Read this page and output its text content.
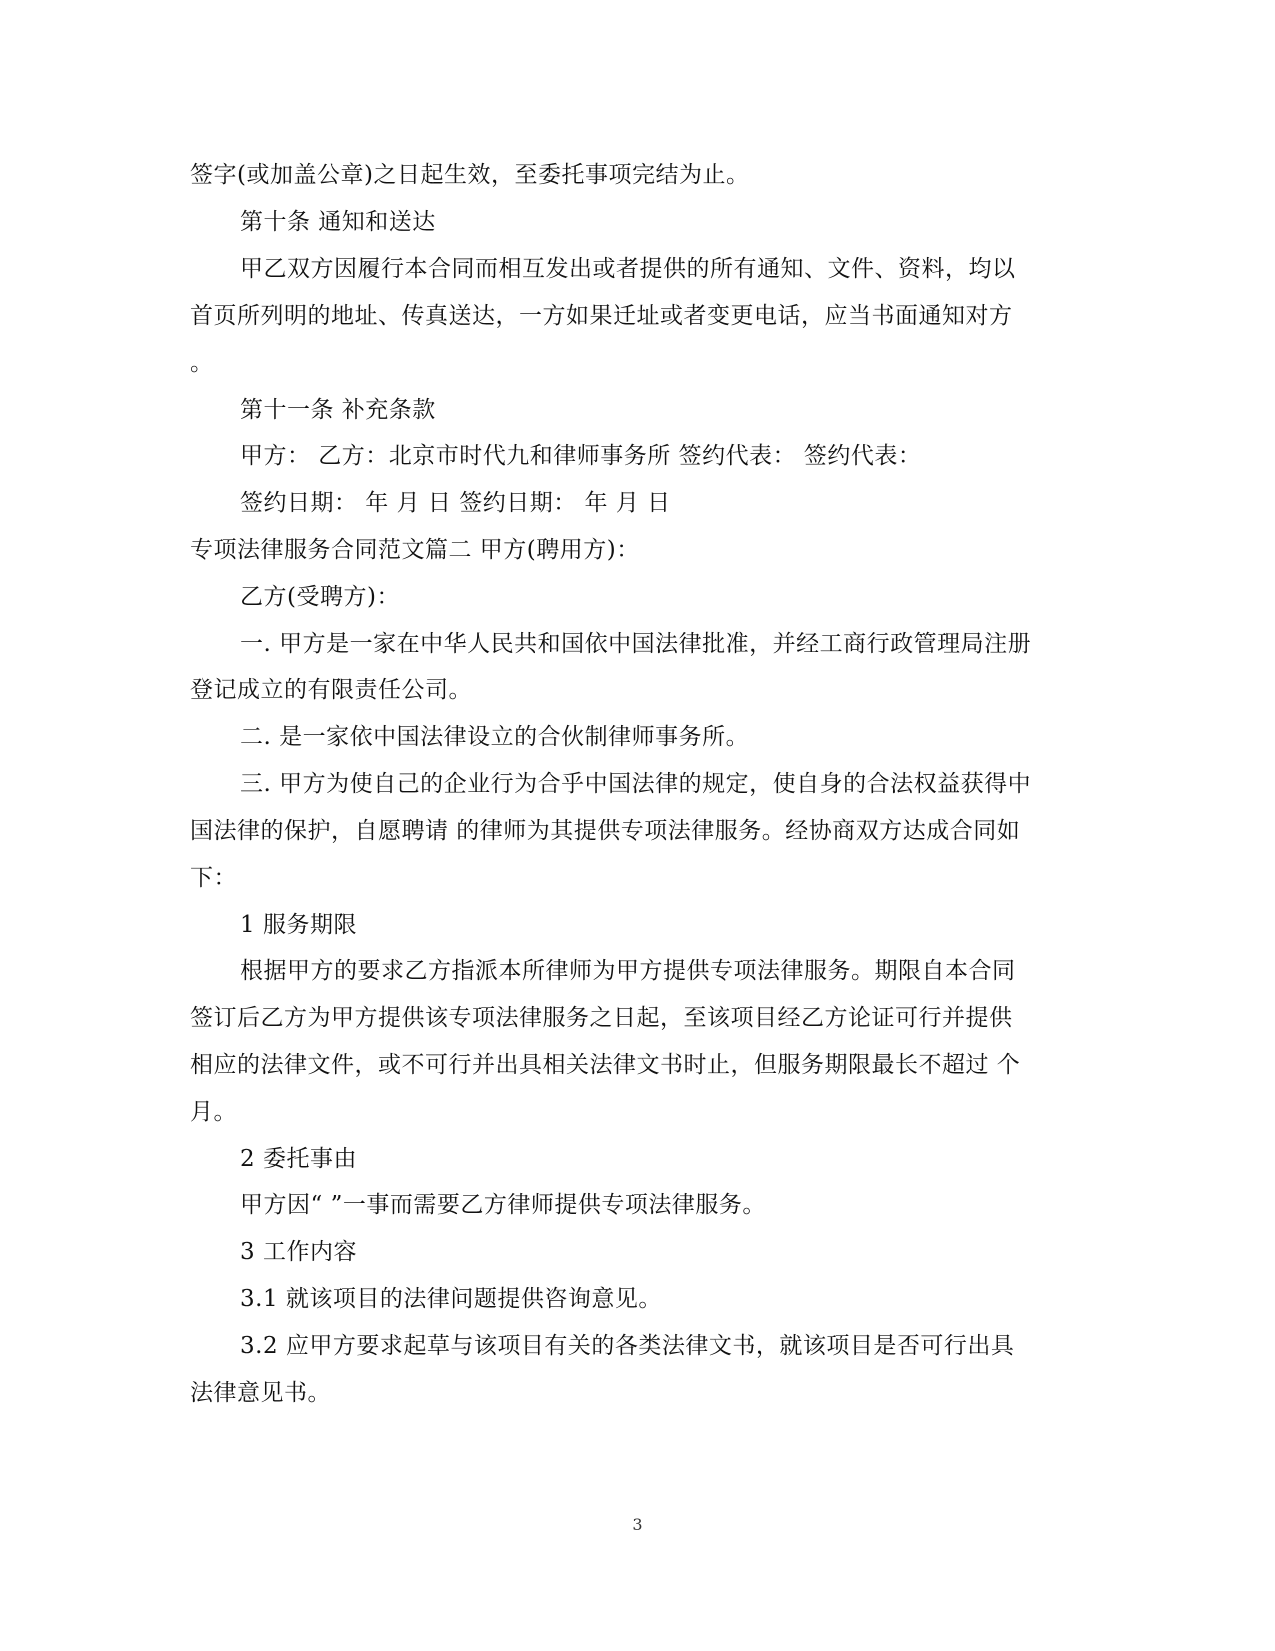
签字(或加盖公章)之日起生效，至委托事项完结为止。
第十条 通知和送达
甲乙双方因履行本合同而相互发出或者提供的所有通知、文件、资料，均以
首页所列明的地址、传真送达，一方如果迁址或者变更电话，应当书面通知对方
。
第十一条 补充条款
甲方： 乙方：北京市时代九和律师事务所 签约代表： 签约代表：
签约日期： 年 月 日 签约日期： 年 月 日
专项法律服务合同范文篇二 甲方(聘用方)：
乙方(受聘方)：
一. 甲方是一家在中华人民共和国依中国法律批准，并经工商行政管理局注册
登记成立的有限责任公司。
二. 是一家依中国法律设立的合伙制律师事务所。
三. 甲方为使自己的企业行为合乎中国法律的规定，使自身的合法权益获得中
国法律的保护，自愿聘请 的律师为其提供专项法律服务。经协商双方达成合同如
下：
1 服务期限
根据甲方的要求乙方指派本所律师为甲方提供专项法律服务。期限自本合同
签订后乙方为甲方提供该专项法律服务之日起，至该项目经乙方论证可行并提供
相应的法律文件，或不可行并出具相关法律文书时止，但服务期限最长不超过 个
月。
2 委托事由
甲方因“ ”一事而需要乙方律师提供专项法律服务。
3 工作内容
3.1 就该项目的法律问题提供咨询意见。
3.2 应甲方要求起草与该项目有关的各类法律文书，就该项目是否可行出具
法律意见书。
3
